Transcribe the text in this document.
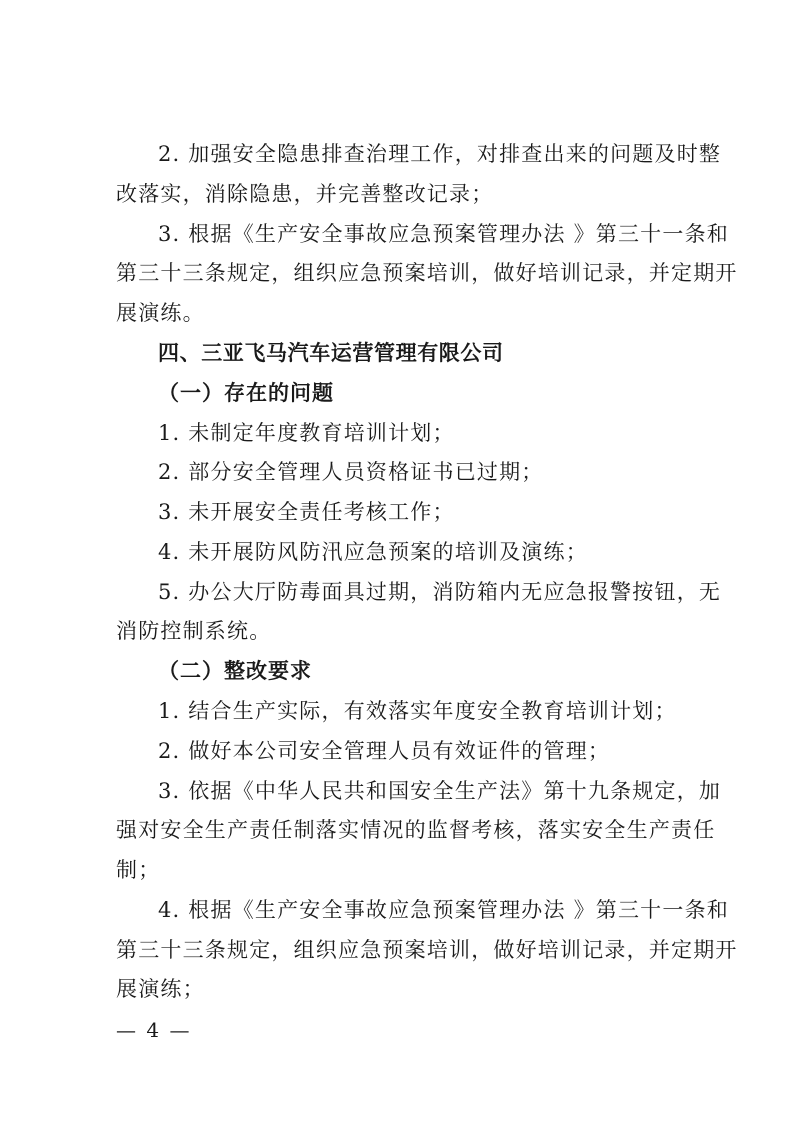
2. 加强安全隐患排查治理工作，对排查出来的问题及时整
改落实，消除隐患，并完善整改记录；
3. 根据《生产安全事故应急预案管理办法 》第三十一条和
第三十三条规定，组织应急预案培训，做好培训记录，并定期开
展演练。
四、三亚飞马汽车运营管理有限公司
（一）存在的问题
1. 未制定年度教育培训计划；
2. 部分安全管理人员资格证书已过期；
3. 未开展安全责任考核工作；
4. 未开展防风防汛应急预案的培训及演练；
5. 办公大厅防毒面具过期，消防箱内无应急报警按钮，无
消防控制系统。
（二）整改要求
1. 结合生产实际，有效落实年度安全教育培训计划；
2. 做好本公司安全管理人员有效证件的管理；
3. 依据《中华人民共和国安全生产法》第十九条规定，加
强对安全生产责任制落实情况的监督考核，落实安全生产责任
制；
4. 根据《生产安全事故应急预案管理办法 》第三十一条和
第三十三条规定，组织应急预案培训，做好培训记录，并定期开
展演练；
— 4 —
